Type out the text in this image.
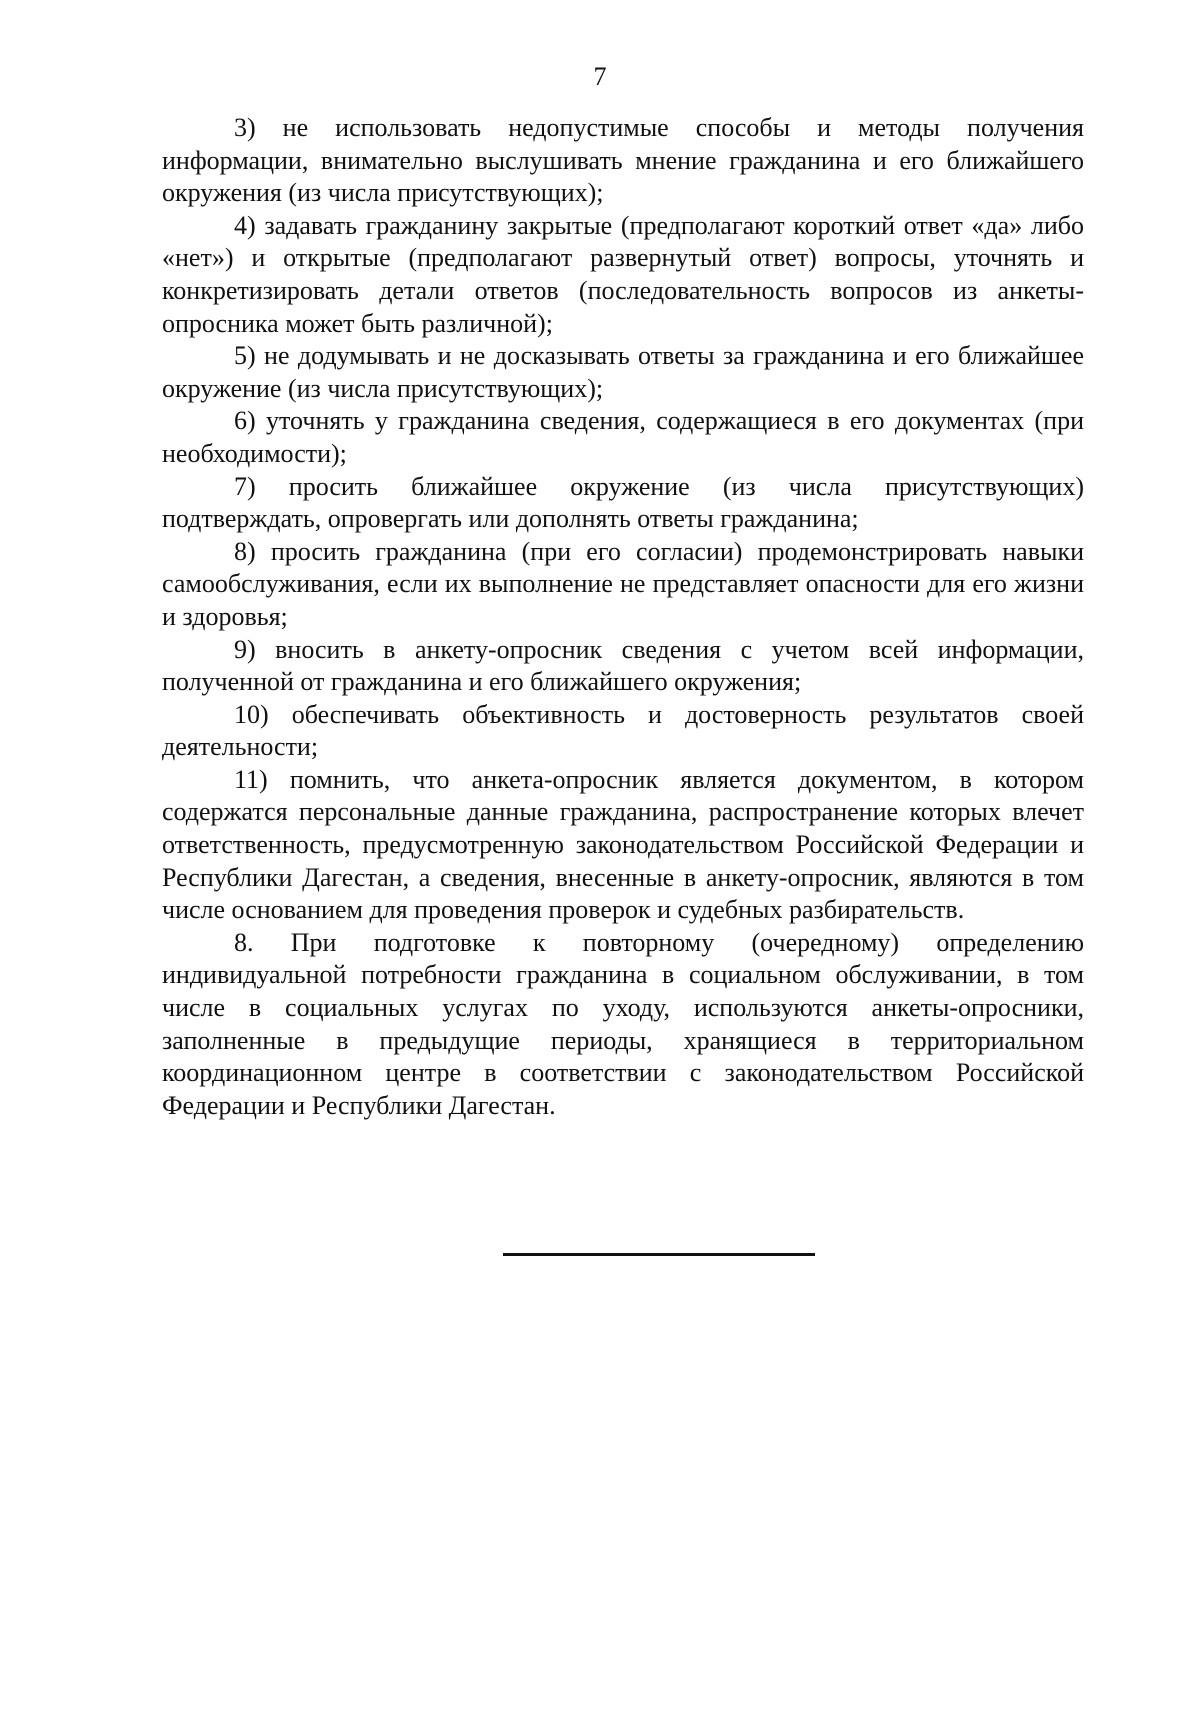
7

3) не использовать недопустимые способы и методы получения информации, внимательно выслушивать мнение гражданина и его ближайшего окружения (из числа присутствующих);

4) задавать гражданину закрытые (предполагают короткий ответ «да» либо «нет») и открытые (предполагают развернутый ответ) вопросы, уточнять и конкретизировать детали ответов (последовательность вопросов из анкеты-опросника может быть различной);

5) не додумывать и не досказывать ответы за гражданина и его ближайшее окружение (из числа присутствующих);

6) уточнять у гражданина сведения, содержащиеся в его документах (при необходимости);

7) просить ближайшее окружение (из числа присутствующих) подтверждать, опровергать или дополнять ответы гражданина;

8) просить гражданина (при его согласии) продемонстрировать навыки самообслуживания, если их выполнение не представляет опасности для его жизни и здоровья;

9) вносить в анкету-опросник сведения с учетом всей информации, полученной от гражданина и его ближайшего окружения;

10) обеспечивать объективность и достоверность результатов своей деятельности;

11) помнить, что анкета-опросник является документом, в котором содержатся персональные данные гражданина, распространение которых влечет ответственность, предусмотренную законодательством Российской Федерации и Республики Дагестан, а сведения, внесенные в анкету-опросник, являются в том числе основанием для проведения проверок и судебных разбирательств.

8. При подготовке к повторному (очередному) определению индивидуальной потребности гражданина в социальном обслуживании, в том числе в социальных услугах по уходу, используются анкеты-опросники, заполненные в предыдущие периоды, хранящиеся в территориальном координационном центре в соответствии с законодательством Российской Федерации и Республики Дагестан.
